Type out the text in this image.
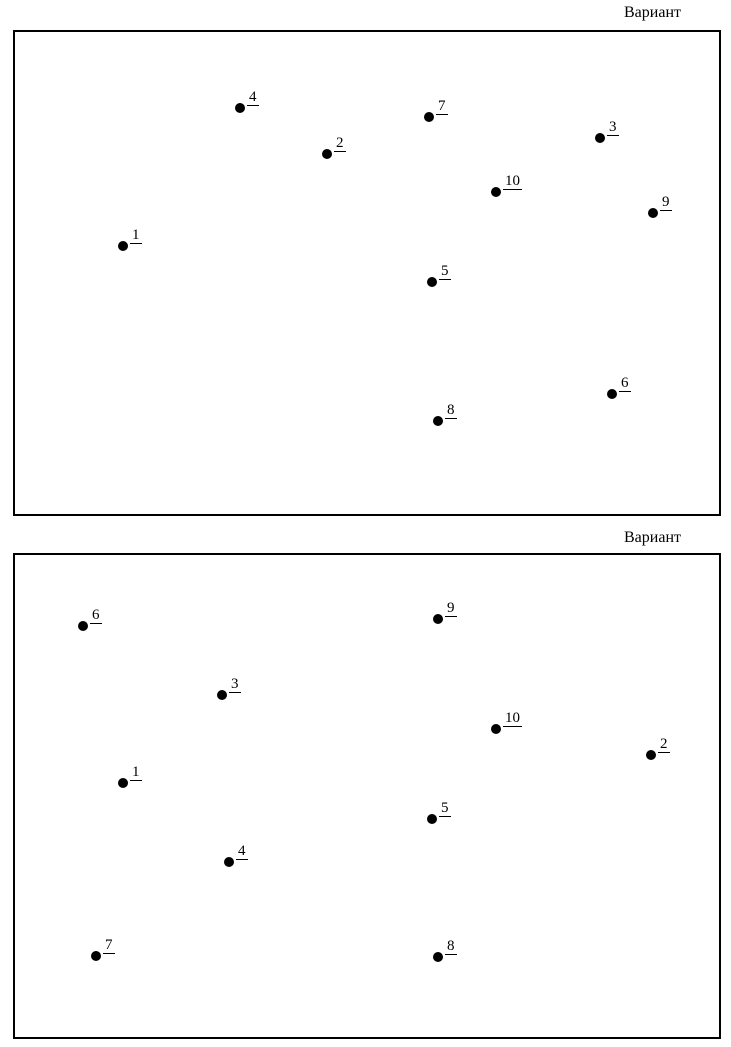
Вариант
1
4
2
7
10
3
9
5
6
8
Вариант
6	9
3
10
2
1
5
4
7	8
